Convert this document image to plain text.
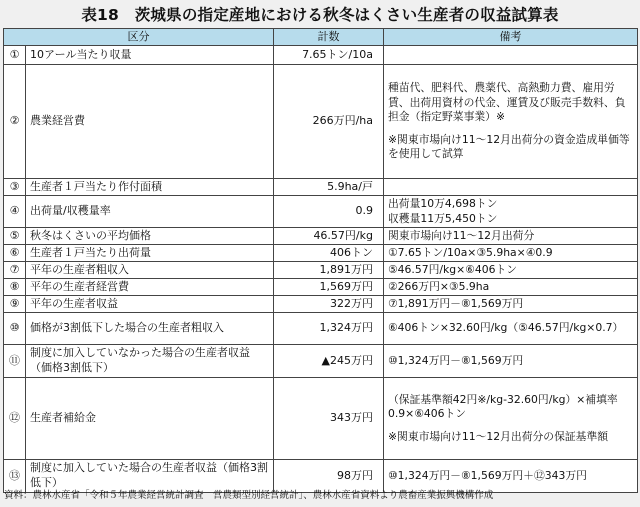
表18　茨城県の指定産地における秋冬はくさい生産者の収益試算表
区分		計数	備考
①	10アール当たり収量	7.65トン/10a	
②	農業経営費	266万円/ha	種苗代、肥料代、農薬代、高熱動力費、雇用労賃、出荷用資材の代金、運賃及び販売手数料、負担金（指定野菜事業）※
※関東市場向け11～12月出荷分の資金造成単価等を使用して試算

③	生産者１戸当たり作付面積	5.9ha/戸	
④	出荷量/収穫量率	0.9	出荷量10万4,698トン
収穫量11万5,450トン

⑤	秋冬はくさいの平均価格	46.57円/kg	関東市場向け11～12月出荷分
⑥	生産者１戸当たり出荷量	406トン	①7.65トン/10a×③5.9ha×④0.9
⑦	平年の生産者粗収入	1,891万円	⑤46.57円/kg×⑥406トン
⑧	平年の生産者経営費	1,569万円	②266万円×③5.9ha
⑨	平年の生産者収益	322万円	⑦1,891万円－⑧1,569万円
⑩	価格が3割低下した場合の生産者粗収入	1,324万円	⑥406トン×32.60円/kg（⑤46.57円/kg×0.7）
⑪	制度に加入していなかった場合の生産者収益（価格3割低下）	▲245万円	⑩1,324万円－⑧1,569万円
⑫	生産者補給金	343万円	（保証基準額42円※/kg-32.60円/kg）×補填率0.9×⑥406トン
※関東市場向け11～12月出荷分の保証基準額

⑬	制度に加入していた場合の生産者収益（価格3割低下）	98万円	⑩1,324万円－⑧1,569万円＋⑫343万円
資料：農林水産省「令和５年農業経営統計調査　営農類型別経営統計」、農林水産省資料より農畜産業振興機構作成
